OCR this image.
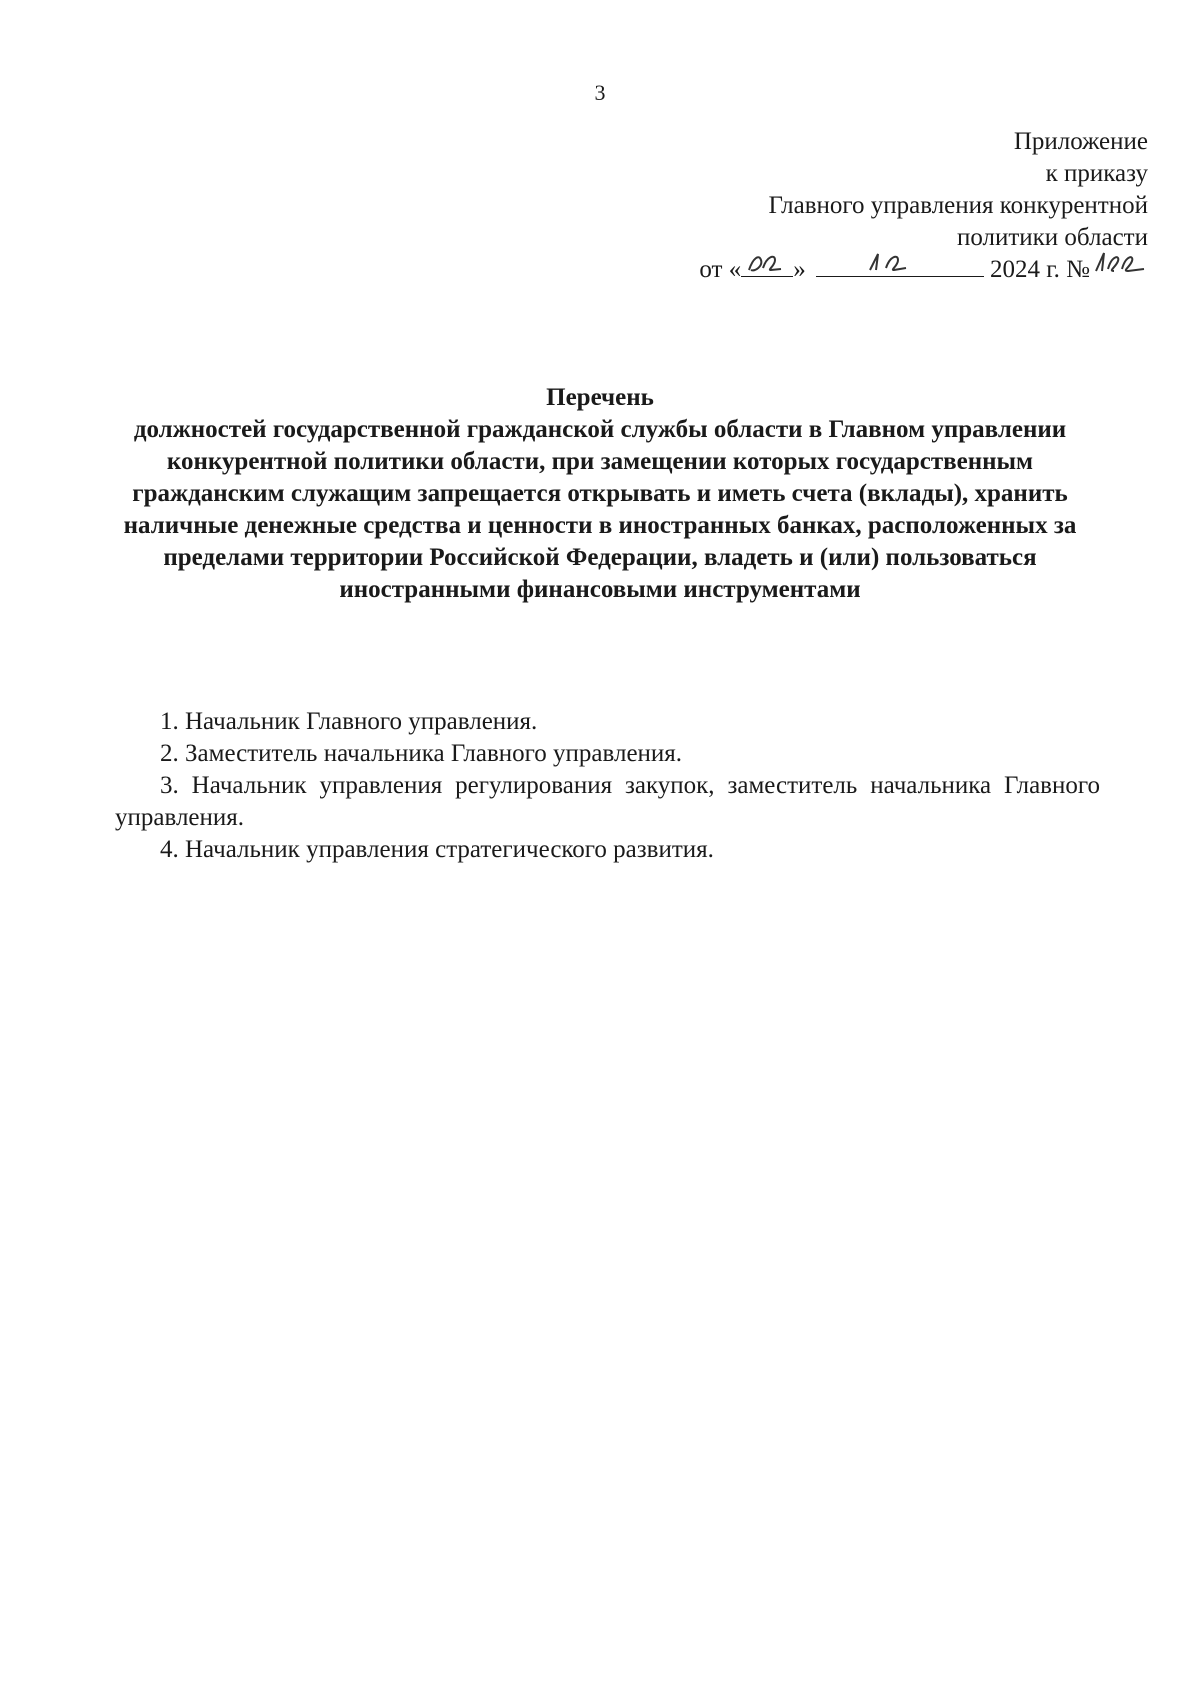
3
Приложение
к приказу
Главного управления конкурентной
политики области
от « »	2024 г. №
Перечень
должностей государственной гражданской службы области в Главном управлении конкурентной политики области, при замещении которых государственным гражданским служащим запрещается открывать и иметь счета (вклады), хранить наличные денежные средства и ценности в иностранных банках, расположенных за пределами территории Российской Федерации, владеть и (или) пользоваться иностранными финансовыми инструментами

1. Начальник Главного управления.

2. Заместитель начальника Главного управления.

3. Начальник управления регулирования закупок, заместитель начальника Главного управления.

4. Начальник управления стратегического развития.
